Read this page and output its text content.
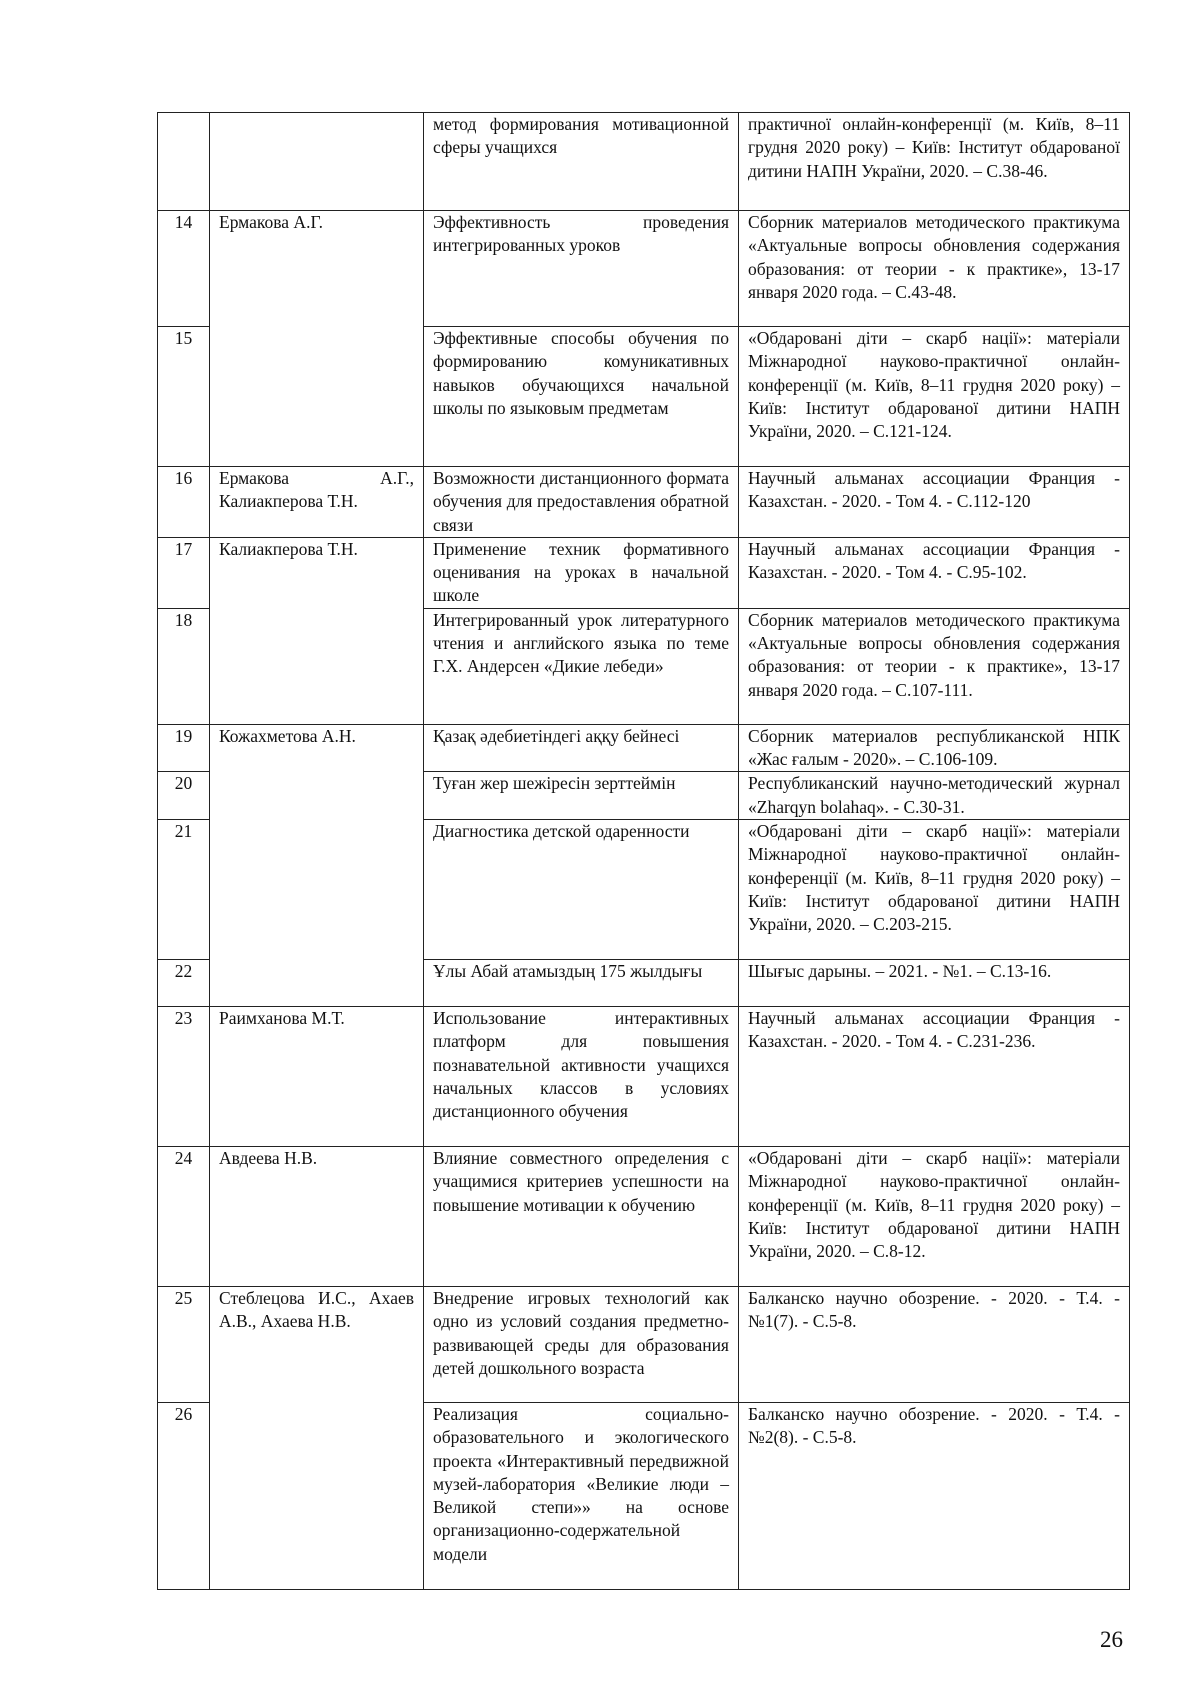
		метод формирования мотивационной сферы учащихся	практичної онлайн-конференції (м. Київ, 8–11 грудня 2020 року) – Київ: Інститут обдарованої дитини НАПН України, 2020. – С.38-46.
14	Ермакова А.Г.	Эффективность проведения интегрированных уроков	Сборник материалов методического практикума «Актуальные вопросы обновления содержания образования: от теории - к практике», 13-17 января 2020 года. – С.43-48.
15		Эффективные способы обучения по формированию комуникативных навыков обучающихся начальной школы по языковым предметам	«Обдаровані діти – скарб нації»: матеріали Міжнародної науково-практичної онлайн-конференції (м. Київ, 8–11 грудня 2020 року) – Київ: Інститут обдарованої дитини НАПН України, 2020. – С.121-124.
16	Ермакова А.Г., Калиакперова Т.Н.	Возможности дистанционного формата обучения для предоставления обратной связи	Научный альманах ассоциации Франция - Казахстан. - 2020. - Том 4. - С.112-120
17	Калиакперова Т.Н.	Применение техник формативного оценивания на уроках в начальной школе	Научный альманах ассоциации Франция - Казахстан. - 2020. - Том 4. - С.95-102.
18		Интегрированный урок литературного чтения и английского языка по теме Г.Х. Андерсен «Дикие лебеди»	Сборник материалов методического практикума «Актуальные вопросы обновления содержания образования: от теории - к практике», 13-17 января 2020 года. – С.107-111.
19	Кожахметова А.Н.	Қазақ әдебиетіндегі аққу бейнесі	Сборник материалов республиканской НПК «Жас ғалым - 2020». – С.106-109.
20		Туған жер шежіресін зерттеймін	Республиканский научно-методический журнал «Zharqyn bolahaq». - С.30-31.
21		Диагностика детской одаренности	«Обдаровані діти – скарб нації»: матеріали Міжнародної науково-практичної онлайн-конференції (м. Київ, 8–11 грудня 2020 року) – Київ: Інститут обдарованої дитини НАПН України, 2020. – С.203-215.
22		Ұлы Абай атамыздың 175 жылдығы	Шығыс дарыны. – 2021. - №1. – С.13-16.
23	Раимханова М.Т.	Использование интерактивных платформ для повышения познавательной активности учащихся начальных классов в условиях дистанционного обучения	Научный альманах ассоциации Франция - Казахстан. - 2020. - Том 4. - С.231-236.
24	Авдеева Н.В.	Влияние совместного определения с учащимися критериев успешности на повышение мотивации к обучению	«Обдаровані діти – скарб нації»: матеріали Міжнародної науково-практичної онлайн-конференції (м. Київ, 8–11 грудня 2020 року) – Київ: Інститут обдарованої дитини НАПН України, 2020. – С.8-12.
25	Стеблецова И.С., Ахаев А.В., Ахаева Н.В.	Внедрение игровых технологий как одно из условий создания предметно-развивающей среды для образования детей дошкольного возраста	Балканско научно обозрение. - 2020. - Т.4. - №1(7). - С.5-8.
26		Реализация социально-образовательного и экологического проекта «Интерактивный передвижной музей-лаборатория «Великие люди – Великой степи»» на основе организационно-содержательной модели	Балканско научно обозрение. - 2020. - Т.4. - №2(8). - С.5-8.
26
